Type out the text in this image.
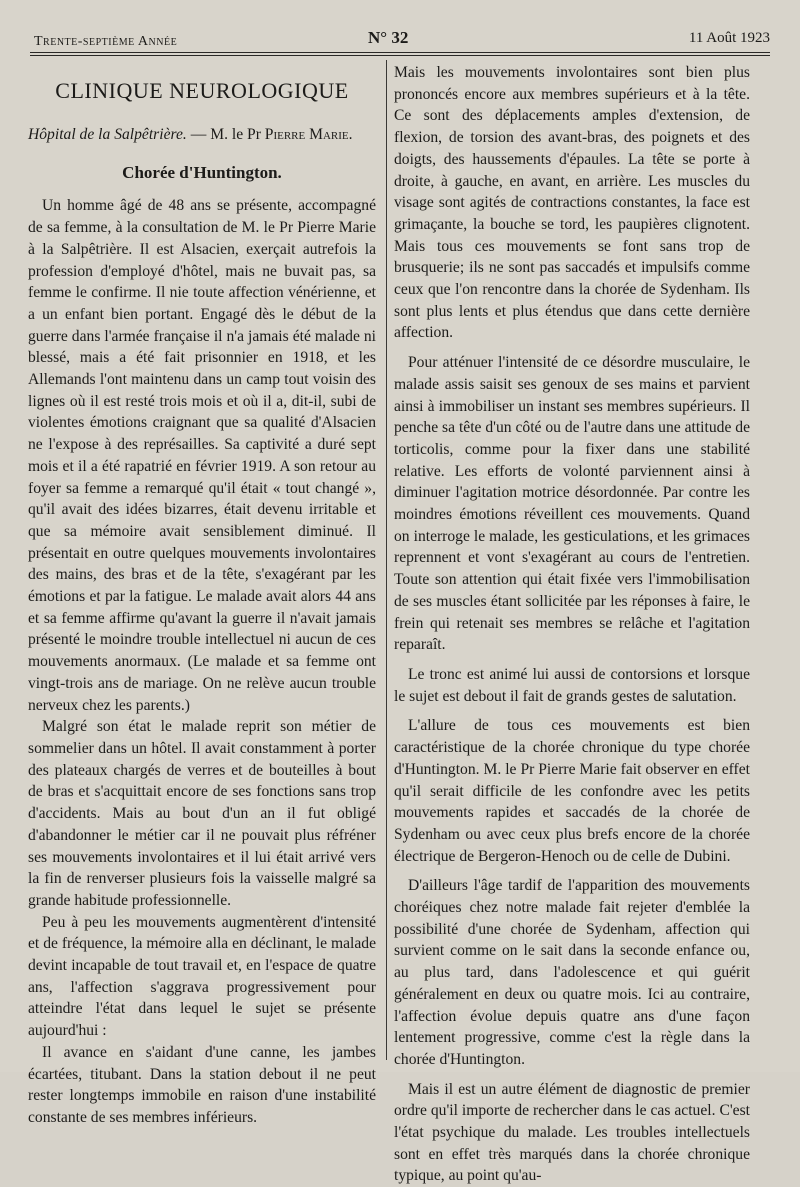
Trente-septième Année	N° 32	11 Août 1923
CLINIQUE NEUROLOGIQUE
Hôpital de la Salpêtrière. — M. le Pr Pierre Marie.
Chorée d'Huntington.

Un homme âgé de 48 ans se présente, accompagné de sa femme, à la consultation de M. le Pr Pierre Marie à la Salpêtrière. Il est Alsacien, exerçait autrefois la profession d'employé d'hôtel, mais ne buvait pas, sa femme le confirme. Il nie toute affection vénérienne, et a un enfant bien portant. Engagé dès le début de la guerre dans l'armée française il n'a jamais été malade ni blessé, mais a été fait prisonnier en 1918, et les Allemands l'ont maintenu dans un camp tout voisin des lignes où il est resté trois mois et où il a, dit-il, subi de violentes émotions craignant que sa qualité d'Alsacien ne l'expose à des représailles. Sa captivité a duré sept mois et il a été rapatrié en février 1919. A son retour au foyer sa femme a remarqué qu'il était « tout changé », qu'il avait des idées bizarres, était devenu irritable et que sa mémoire avait sensiblement diminué. Il présentait en outre quelques mouvements involontaires des mains, des bras et de la tête, s'exagérant par les émotions et par la fatigue. Le malade avait alors 44 ans et sa femme affirme qu'avant la guerre il n'avait jamais présenté le moindre trouble intellectuel ni aucun de ces mouvements anormaux. (Le malade et sa femme ont vingt-trois ans de mariage. On ne relève aucun trouble nerveux chez les parents.)

Malgré son état le malade reprit son métier de sommelier dans un hôtel. Il avait constamment à porter des plateaux chargés de verres et de bouteilles à bout de bras et s'acquittait encore de ses fonctions sans trop d'accidents. Mais au bout d'un an il fut obligé d'abandonner le métier car il ne pouvait plus réfréner ses mouvements involontaires et il lui était arrivé vers la fin de renverser plusieurs fois la vaisselle malgré sa grande habitude professionnelle.

Peu à peu les mouvements augmentèrent d'intensité et de fréquence, la mémoire alla en déclinant, le malade devint incapable de tout travail et, en l'espace de quatre ans, l'affection s'aggrava progressivement pour atteindre l'état dans lequel le sujet se présente aujourd'hui :

Il avance en s'aidant d'une canne, les jambes écartées, titubant. Dans la station debout il ne peut rester longtemps immobile en raison d'une instabilité constante de ses membres inférieurs.

Mais les mouvements involontaires sont bien plus prononcés encore aux membres supérieurs et à la tête. Ce sont des déplacements amples d'extension, de flexion, de torsion des avant-bras, des poignets et des doigts, des haussements d'épaules. La tête se porte à droite, à gauche, en avant, en arrière. Les muscles du visage sont agités de contractions constantes, la face est grimaçante, la bouche se tord, les paupières clignotent. Mais tous ces mouvements se font sans trop de brusquerie; ils ne sont pas saccadés et impulsifs comme ceux que l'on rencontre dans la chorée de Sydenham. Ils sont plus lents et plus étendus que dans cette dernière affection.

Pour atténuer l'intensité de ce désordre musculaire, le malade assis saisit ses genoux de ses mains et parvient ainsi à immobiliser un instant ses membres supérieurs. Il penche sa tête d'un côté ou de l'autre dans une attitude de torticolis, comme pour la fixer dans une stabilité relative. Les efforts de volonté parviennent ainsi à diminuer l'agitation motrice désordonnée. Par contre les moindres émotions réveillent ces mouvements. Quand on interroge le malade, les gesticulations, et les grimaces reprennent et vont s'exagérant au cours de l'entretien. Toute son attention qui était fixée vers l'immobilisation de ses muscles étant sollicitée par les réponses à faire, le frein qui retenait ses membres se relâche et l'agitation reparaît.

Le tronc est animé lui aussi de contorsions et lorsque le sujet est debout il fait de grands gestes de salutation.

L'allure de tous ces mouvements est bien caractéristique de la chorée chronique du type chorée d'Huntington. M. le Pr Pierre Marie fait observer en effet qu'il serait difficile de les confondre avec les petits mouvements rapides et saccadés de la chorée de Sydenham ou avec ceux plus brefs encore de la chorée électrique de Bergeron-Henoch ou de celle de Dubini.

D'ailleurs l'âge tardif de l'apparition des mouvements choréiques chez notre malade fait rejeter d'emblée la possibilité d'une chorée de Sydenham, affection qui survient comme on le sait dans la seconde enfance ou, au plus tard, dans l'adolescence et qui guérit généralement en deux ou quatre mois. Ici au contraire, l'affection évolue depuis quatre ans d'une façon lentement progressive, comme c'est la règle dans la chorée d'Huntington.

Mais il est un autre élément de diagnostic de premier ordre qu'il importe de rechercher dans le cas actuel. C'est l'état psychique du malade. Les troubles intellectuels sont en effet très marqués dans la chorée chronique typique, au point qu'au-
